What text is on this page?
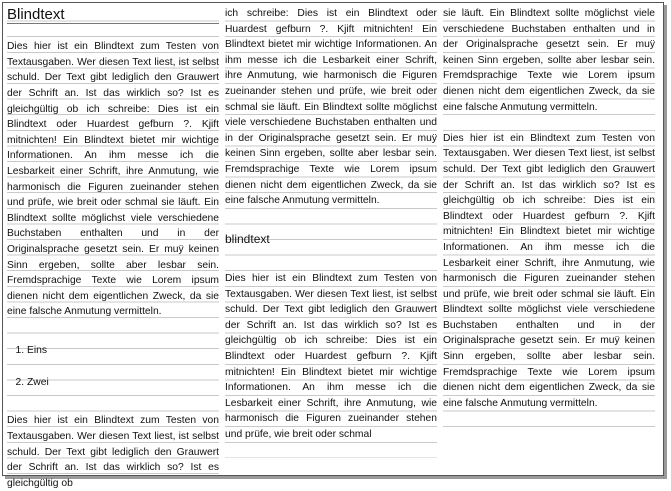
Blindtext

Dies hier ist ein Blindtext zum Testen von Textausgaben. Wer diesen Text liest, ist selbst schuld. Der Text gibt lediglich den Grauwert der Schrift an. Ist das wirklich so? Ist es gleichgültig ob ich schreibe: Dies ist ein Blindtext oder Huardest gefburn ?. Kjift mitnichten! Ein Blindtext bietet mir wichtige Informationen. An ihm messe ich die Lesbarkeit einer Schrift, ihre Anmutung, wie harmonisch die Figuren zueinander stehen und prüfe, wie breit oder schmal sie läuft. Ein Blindtext sollte möglichst viele verschiedene Buchstaben enthalten und in der Originalsprache gesetzt sein. Er muÿ keinen Sinn ergeben, sollte aber lesbar sein. Fremdsprachige Texte wie Lorem ipsum dienen nicht dem eigentlichen Zweck, da sie eine falsche Anmutung vermitteln.

1. Eins
2. Zwei

Dies hier ist ein Blindtext zum Testen von Textausgaben. Wer diesen Text liest, ist selbst schuld. Der Text gibt lediglich den Grauwert der Schrift an. Ist das wirklich so? Ist es gleichgültig ob

ich schreibe: Dies ist ein Blindtext oder Huardest gefburn ?. Kjift mitnichten! Ein Blindtext bietet mir wichtige Informationen. An ihm messe ich die Lesbarkeit einer Schrift, ihre Anmutung, wie harmonisch die Figuren zueinander stehen und prüfe, wie breit oder schmal sie läuft. Ein Blindtext sollte möglichst viele verschiedene Buchstaben enthalten und in der Originalsprache gesetzt sein. Er muÿ keinen Sinn ergeben, sollte aber lesbar sein. Fremdsprachige Texte wie Lorem ipsum dienen nicht dem eigentlichen Zweck, da sie eine falsche Anmutung vermitteln.

blindtext

Dies hier ist ein Blindtext zum Testen von Textausgaben. Wer diesen Text liest, ist selbst schuld. Der Text gibt lediglich den Grauwert der Schrift an. Ist das wirklich so? Ist es gleichgültig ob ich schreibe: Dies ist ein Blindtext oder Huardest gefburn ?. Kjift mitnichten! Ein Blindtext bietet mir wichtige Informationen. An ihm messe ich die Lesbarkeit einer Schrift, ihre Anmutung, wie harmonisch die Figuren zueinander stehen und prüfe, wie breit oder schmal

sie läuft. Ein Blindtext sollte möglichst viele verschiedene Buchstaben enthalten und in der Originalsprache gesetzt sein. Er muÿ keinen Sinn ergeben, sollte aber lesbar sein. Fremdsprachige Texte wie Lorem ipsum dienen nicht dem eigentlichen Zweck, da sie eine falsche Anmutung vermitteln.

Dies hier ist ein Blindtext zum Testen von Textausgaben. Wer diesen Text liest, ist selbst schuld. Der Text gibt lediglich den Grauwert der Schrift an. Ist das wirklich so? Ist es gleichgültig ob ich schreibe: Dies ist ein Blindtext oder Huardest gefburn ?. Kjift mitnichten! Ein Blindtext bietet mir wichtige Informationen. An ihm messe ich die Lesbarkeit einer Schrift, ihre Anmutung, wie harmonisch die Figuren zueinander stehen und prüfe, wie breit oder schmal sie läuft. Ein Blindtext sollte möglichst viele verschiedene Buchstaben enthalten und in der Originalsprache gesetzt sein. Er muÿ keinen Sinn ergeben, sollte aber lesbar sein. Fremdsprachige Texte wie Lorem ipsum dienen nicht dem eigentlichen Zweck, da sie eine falsche Anmutung vermitteln.
